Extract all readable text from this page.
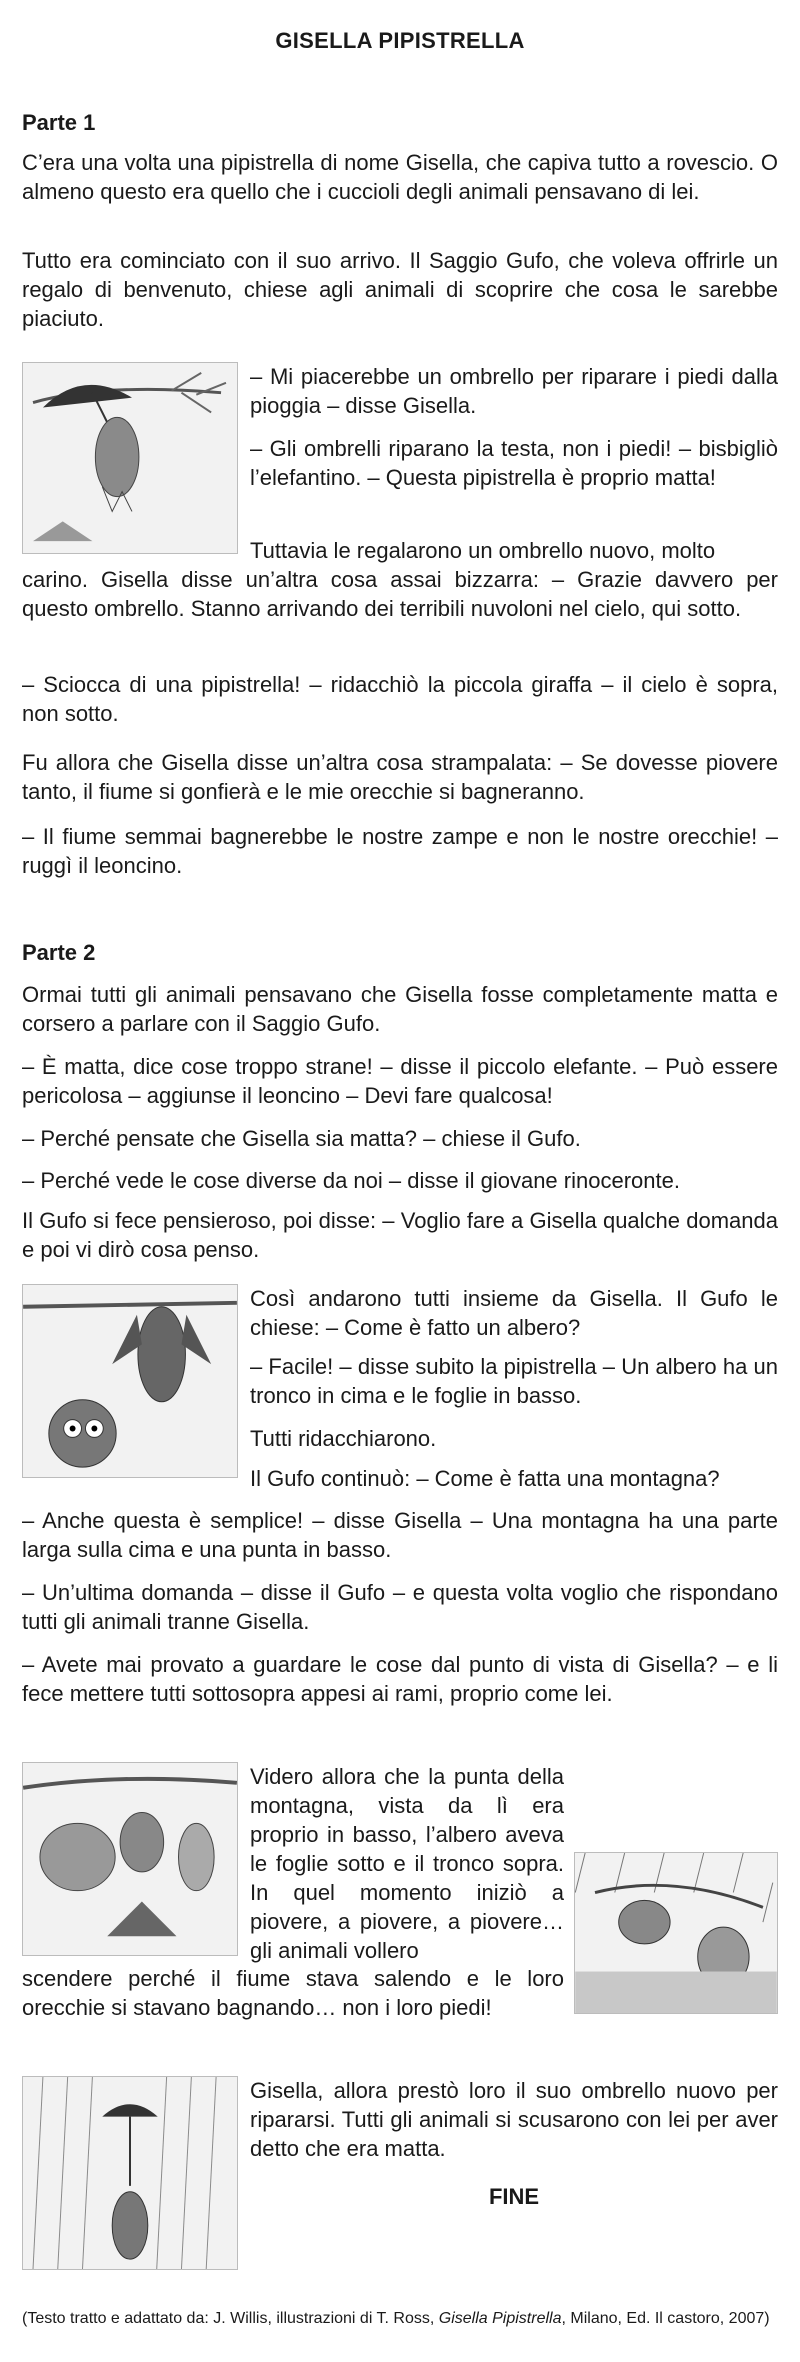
GISELLA PIPISTRELLA
Parte 1

C’era una volta una pipistrella di nome Gisella, che capiva tutto a rovescio. O almeno questo era quello che i cuccioli degli animali pensavano di lei.

Tutto era cominciato con il suo arrivo. Il Saggio Gufo, che voleva offrirle un regalo di benvenuto, chiese agli animali di scoprire che cosa le sarebbe piaciuto.

– Mi piacerebbe un ombrello per riparare i piedi dalla pioggia – disse Gisella.

– Gli ombrelli riparano la testa, non i piedi! – bisbigliò l’elefantino. – Questa pipistrella è proprio matta!

Tuttavia le regalarono un ombrello nuovo, molto

carino. Gisella disse un’altra cosa assai bizzarra: – Grazie davvero per questo ombrello. Stanno arrivando dei terribili nuvoloni nel cielo, qui sotto.

– Sciocca di una pipistrella! – ridacchiò la piccola giraffa – il cielo è sopra, non sotto.

Fu allora che Gisella disse un’altra cosa strampalata: – Se dovesse piovere tanto, il fiume si gonfierà e le mie orecchie si bagneranno.

– Il fiume semmai bagnerebbe le nostre zampe e non le nostre orecchie! – ruggì il leoncino.

Parte 2

Ormai tutti gli animali pensavano che Gisella fosse completamente matta e corsero a parlare con il Saggio Gufo.

– È matta, dice cose troppo strane! – disse il piccolo elefante. – Può essere pericolosa – aggiunse il leoncino – Devi fare qualcosa!

– Perché pensate che Gisella sia matta? – chiese il Gufo.

– Perché vede le cose diverse da noi – disse il giovane rinoceronte.

Il Gufo si fece pensieroso, poi disse: – Voglio fare a Gisella qualche domanda e poi vi dirò cosa penso.

Così andarono tutti insieme da Gisella. Il Gufo le chiese: – Come è fatto un albero?

– Facile! – disse subito la pipistrella – Un albero ha un tronco in cima e le foglie in basso.

Tutti ridacchiarono.

Il Gufo continuò: – Come è fatta una montagna?

– Anche questa è semplice! – disse Gisella – Una montagna ha una parte larga sulla cima e una punta in basso.

– Un’ultima domanda – disse il Gufo – e questa volta voglio che rispondano tutti gli animali tranne Gisella.

– Avete mai provato a guardare le cose dal punto di vista di Gisella? – e li fece mettere tutti sottosopra appesi ai rami, proprio come lei.

Videro allora che la punta della montagna, vista da lì era proprio in basso, l’albero aveva le foglie sotto e il tronco sopra. In quel momento iniziò a piovere, a piovere, a piovere… gli animali vollero

scendere perché il fiume stava salendo e le loro orecchie si stavano bagnando… non i loro piedi!

Gisella, allora prestò loro il suo ombrello nuovo per ripararsi. Tutti gli animali si scusarono con lei per aver detto che era matta.

FINE

(Testo tratto e adattato da: J. Willis, illustrazioni di T. Ross, Gisella Pipistrella, Milano, Ed. Il castoro, 2007)
